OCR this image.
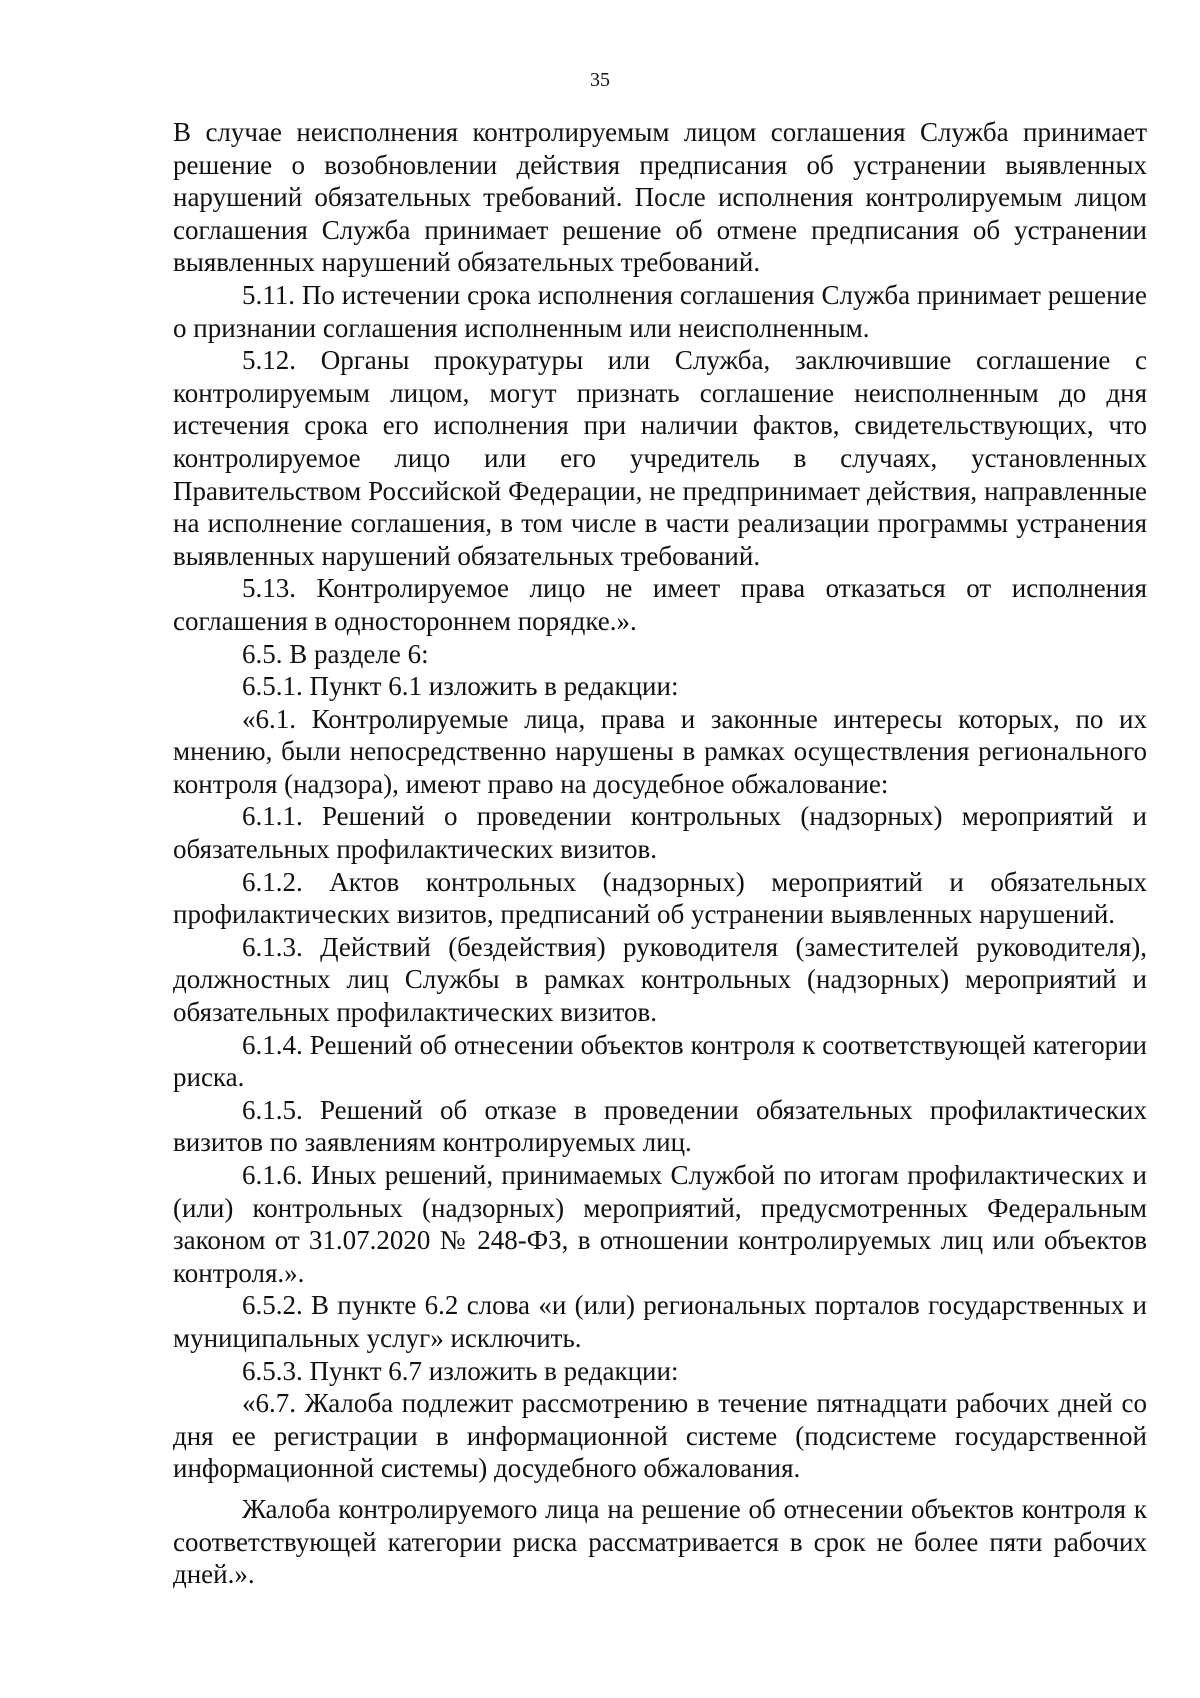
35

В случае неисполнения контролируемым лицом соглашения Служба принимает решение о возобновлении действия предписания об устранении выявленных нарушений обязательных требований. После исполнения контролируемым лицом соглашения Служба принимает решение об отмене предписания об устранении выявленных нарушений обязательных требований.

5.11. По истечении срока исполнения соглашения Служба принимает решение о признании соглашения исполненным или неисполненным.

5.12. Органы прокуратуры или Служба, заключившие соглашение с контролируемым лицом, могут признать соглашение неисполненным до дня истечения срока его исполнения при наличии фактов, свидетельствующих, что контролируемое лицо или его учредитель в случаях, установленных Правительством Российской Федерации, не предпринимает действия, направленные на исполнение соглашения, в том числе в части реализации программы устранения выявленных нарушений обязательных требований.

5.13. Контролируемое лицо не имеет права отказаться от исполнения соглашения в одностороннем порядке.».

6.5. В разделе 6:

6.5.1. Пункт 6.1 изложить в редакции:

«6.1. Контролируемые лица, права и законные интересы которых, по их мнению, были непосредственно нарушены в рамках осуществления регионального контроля (надзора), имеют право на досудебное обжалование:

6.1.1. Решений о проведении контрольных (надзорных) мероприятий и обязательных профилактических визитов.

6.1.2. Актов контрольных (надзорных) мероприятий и обязательных профилактических визитов, предписаний об устранении выявленных нарушений.

6.1.3. Действий (бездействия) руководителя (заместителей руководителя), должностных лиц Службы в рамках контрольных (надзорных) мероприятий и обязательных профилактических визитов.

6.1.4. Решений об отнесении объектов контроля к соответствующей категории риска.

6.1.5. Решений об отказе в проведении обязательных профилактических визитов по заявлениям контролируемых лиц.

6.1.6. Иных решений, принимаемых Службой по итогам профилактических и (или) контрольных (надзорных) мероприятий, предусмотренных Федеральным законом от 31.07.2020 № 248-ФЗ, в отношении контролируемых лиц или объектов контроля.».

6.5.2. В пункте 6.2 слова «и (или) региональных порталов государственных и муниципальных услуг» исключить.

6.5.3. Пункт 6.7 изложить в редакции:

«6.7. Жалоба подлежит рассмотрению в течение пятнадцати рабочих дней со дня ее регистрации в информационной системе (подсистеме государственной информационной системы) досудебного обжалования.

Жалоба контролируемого лица на решение об отнесении объектов контроля к соответствующей категории риска рассматривается в срок не более пяти рабочих дней.».
